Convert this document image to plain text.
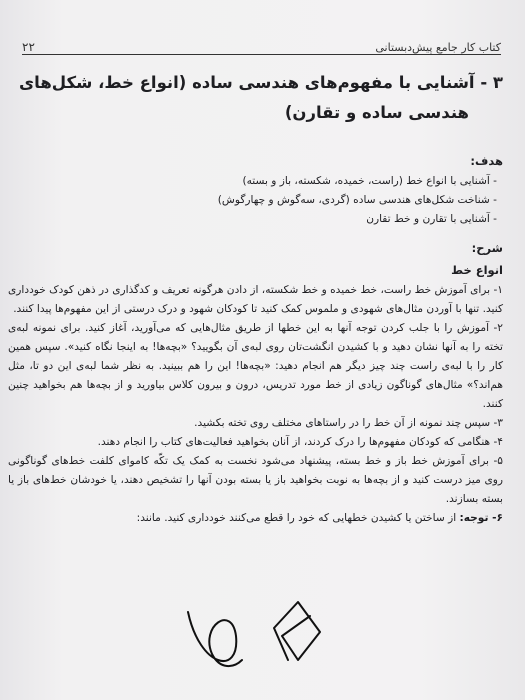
کتاب کار جامع پیش‌دبستانی
۲۲
۳ - آشنایی با مفهوم‌های هندسی ساده (انواع خط، شکل‌های
هندسی ساده و تقارن)
هدف:
- آشنایی با انواع خط (راست، خمیده، شکسته، باز و بسته)
- شناخت شکل‌های هندسی ساده (گردی، سه‌گوش و چهارگوش)
- آشنایی با تقارن و خط تقارن
شرح:
انواع خط

۱- برای آموزش خط راست، خط خمیده و خط شکسته، از دادن هرگونه تعریف و کدگذاری در ذهن کودک خودداری کنید. تنها با آوردن مثال‌های شهودی و ملموس کمک کنید تا کودکان شهود و درک درستی از این مفهوم‌ها پیدا کنند.

۲- آموزش را با جلب کردن توجه آنها به این خطها از طریق مثال‌هایی که می‌آورید، آغاز کنید. برای نمونه لبه‌ی تخته را به آنها نشان دهید و با کشیدن انگشت‌تان روی لبه‌ی آن بگویید؟ «بچه‌ها! به اینجا نگاه کنید». سپس همین کار را با لبه‌ی راست چند چیز دیگر هم انجام دهید: «بچه‌ها! این را هم ببینید. به نظر شما لبه‌ی این دو تا، مثل هم‌اند؟» مثال‌های گوناگون زیادی از خط مورد تدریس، درون و بیرون کلاس بیاورید و از بچه‌ها هم بخواهید چنین کنند.

۳- سپس چند نمونه از آن خط را در راستاهای مختلف روی تخته بکشید.

۴- هنگامی که کودکان مفهوم‌ها را درک کردند، از آنان بخواهید فعالیت‌های کتاب را انجام دهند.

۵- برای آموزش خط باز و خط بسته، پیشنهاد می‌شود نخست به کمک یک تکّه کاموای کلفت خط‌های گوناگونی روی میز درست کنید و از بچه‌ها به نوبت بخواهید باز یا بسته بودن آنها را تشخیص دهند، یا خودشان خط‌های باز یا بسته بسازند.

۶- توجه: از ساختن یا کشیدن خطهایی که خود را قطع می‌کنند خودداری کنید. مانند:
